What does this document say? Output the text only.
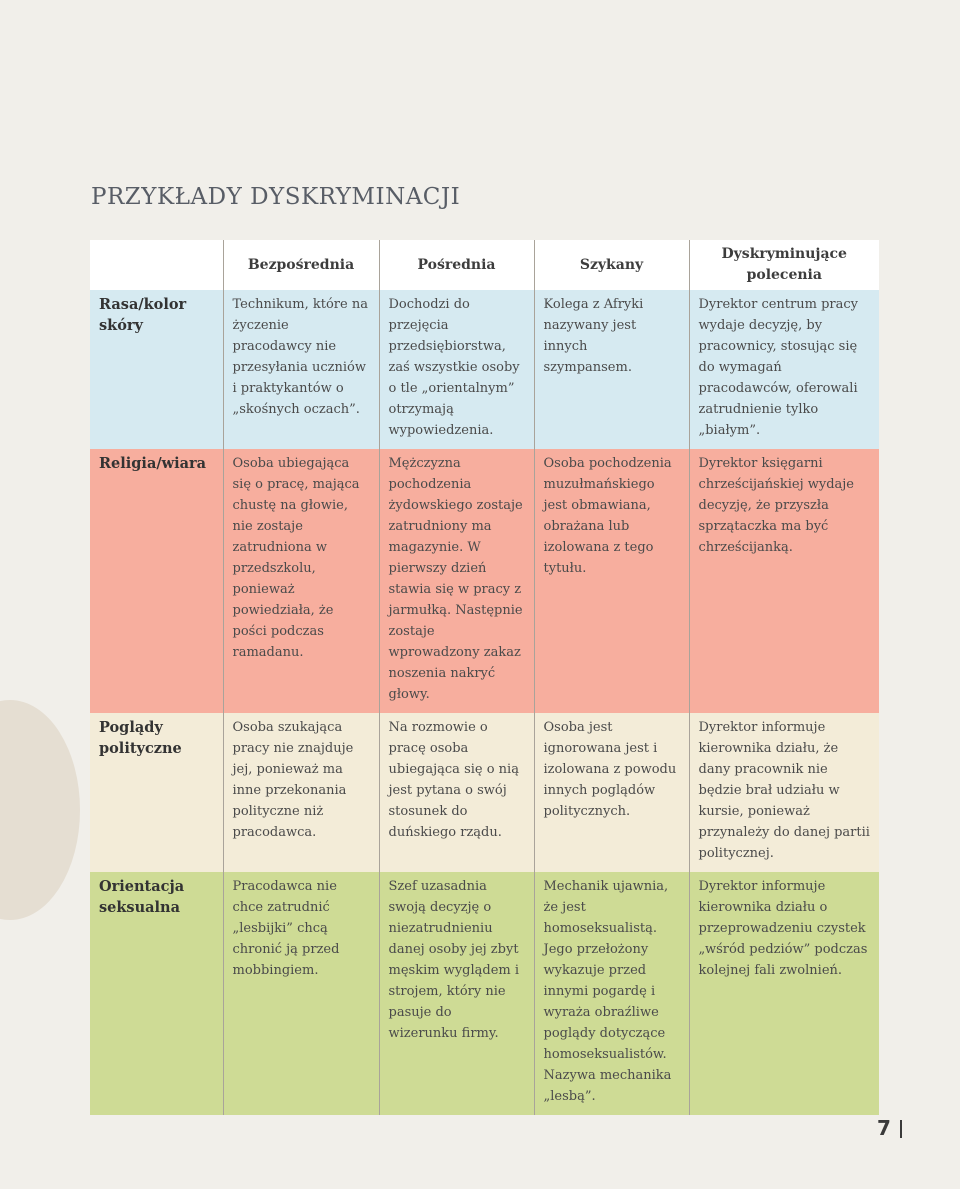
PRZYKŁADY DYSKRYMINACJI
	Bezpośrednia	Pośrednia	Szykany	Dyskryminujące polecenia
Rasa/kolor skóry	Technikum, które na życzenie pracodawcy nie przesyłania uczniów i praktykantów o „skośnych oczach”.	Dochodzi do przejęcia przedsiębiorstwa, zaś wszystkie osoby o tle „orientalnym” otrzymają wypowiedzenia.	Kolega z Afryki nazywany jest innych szympansem.	Dyrektor centrum pracy wydaje decyzję, by pracownicy, stosując się do wymagań pracodawców, oferowali zatrudnienie tylko „białym”.
Religia/wiara	Osoba ubiegająca się o pracę, mająca chustę na głowie, nie zostaje zatrudniona w przedszkolu, ponieważ powiedziała, że pości podczas ramadanu.	Mężczyzna pochodzenia żydowskiego zostaje zatrudniony ma magazynie. W pierwszy dzień stawia się w pracy z jarmułką. Następnie zostaje wprowadzony zakaz noszenia nakryć głowy.	Osoba pochodzenia muzułmańskiego jest obmawiana, obrażana lub izolowana z tego tytułu.	Dyrektor księgarni chrześcijańskiej wydaje decyzję, że przyszła sprzątaczka ma być chrześcijanką.
Poglądy polityczne	Osoba szukająca pracy nie znajduje jej, ponieważ ma inne przekonania polityczne niż pracodawca.	Na rozmowie o pracę osoba ubiegająca się o nią jest pytana o swój stosunek do duńskiego rządu.	Osoba jest ignorowana jest i izolowana z powodu innych poglądów politycznych.	Dyrektor informuje kierownika działu, że dany pracownik nie będzie brał udziału w kursie, ponieważ przynależy do danej partii politycznej.
Orientacja seksualna	Pracodawca nie chce zatrudnić „lesbijki” chcą chronić ją przed mobbingiem.	Szef uzasadnia swoją decyzję o niezatrudnieniu danej osoby jej zbyt męskim wyglądem i strojem, który nie pasuje do wizerunku firmy.	Mechanik ujawnia, że jest homoseksualistą. Jego przełożony wykazuje przed innymi pogardę i wyraża obraźliwe poglądy dotyczące homoseksualistów. Nazywa mechanika „lesbą”.	Dyrektor informuje kierownika działu o przeprowadzeniu czystek „wśród pedziów” podczas kolejnej fali zwolnień.
7
